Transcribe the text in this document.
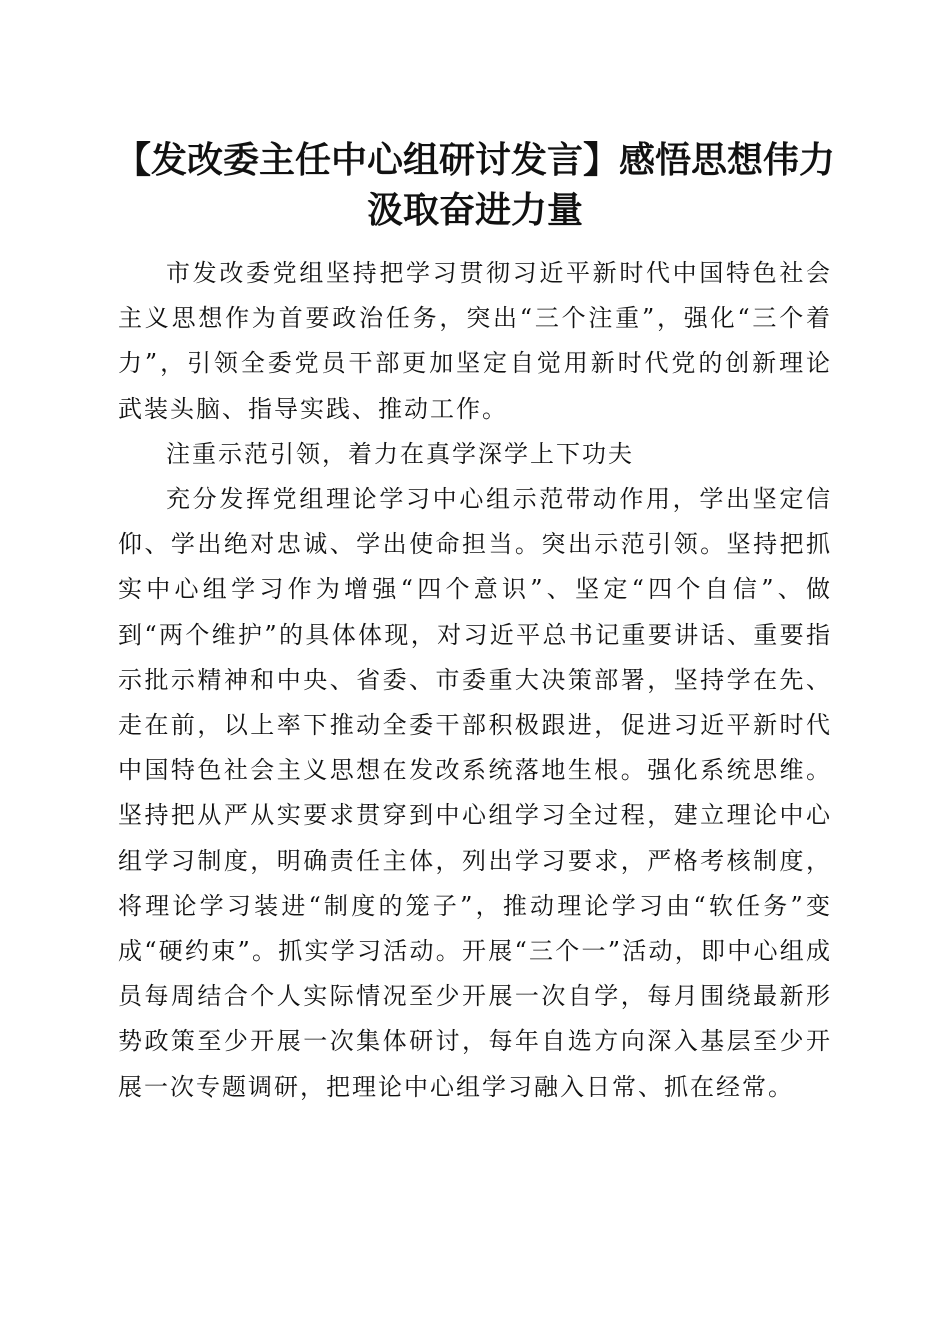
【发改委主任中心组研讨发言】感悟思想伟力
汲取奋进力量

市发改委党组坚持把学习贯彻习近平新时代中国特色社会主义思想作为首要政治任务，突出“三个注重”，强化“三个着力”，引领全委党员干部更加坚定自觉用新时代党的创新理论武装头脑、指导实践、推动工作。

注重示范引领，着力在真学深学上下功夫

充分发挥党组理论学习中心组示范带动作用，学出坚定信仰、学出绝对忠诚、学出使命担当。突出示范引领。坚持把抓实中心组学习作为增强“四个意识”、坚定“四个自信”、做到“两个维护”的具体体现，对习近平总书记重要讲话、重要指示批示精神和中央、省委、市委重大决策部署，坚持学在先、走在前，以上率下推动全委干部积极跟进，促进习近平新时代中国特色社会主义思想在发改系统落地生根。强化系统思维。坚持把从严从实要求贯穿到中心组学习全过程，建立理论中心组学习制度，明确责任主体，列出学习要求，严格考核制度，将理论学习装进“制度的笼子”，推动理论学习由“软任务”变成“硬约束”。抓实学习活动。开展“三个一”活动，即中心组成员每周结合个人实际情况至少开展一次自学，每月围绕最新形势政策至少开展一次集体研讨，每年自选方向深入基层至少开展一次专题调研，把理论中心组学习融入日常、抓在经常。
